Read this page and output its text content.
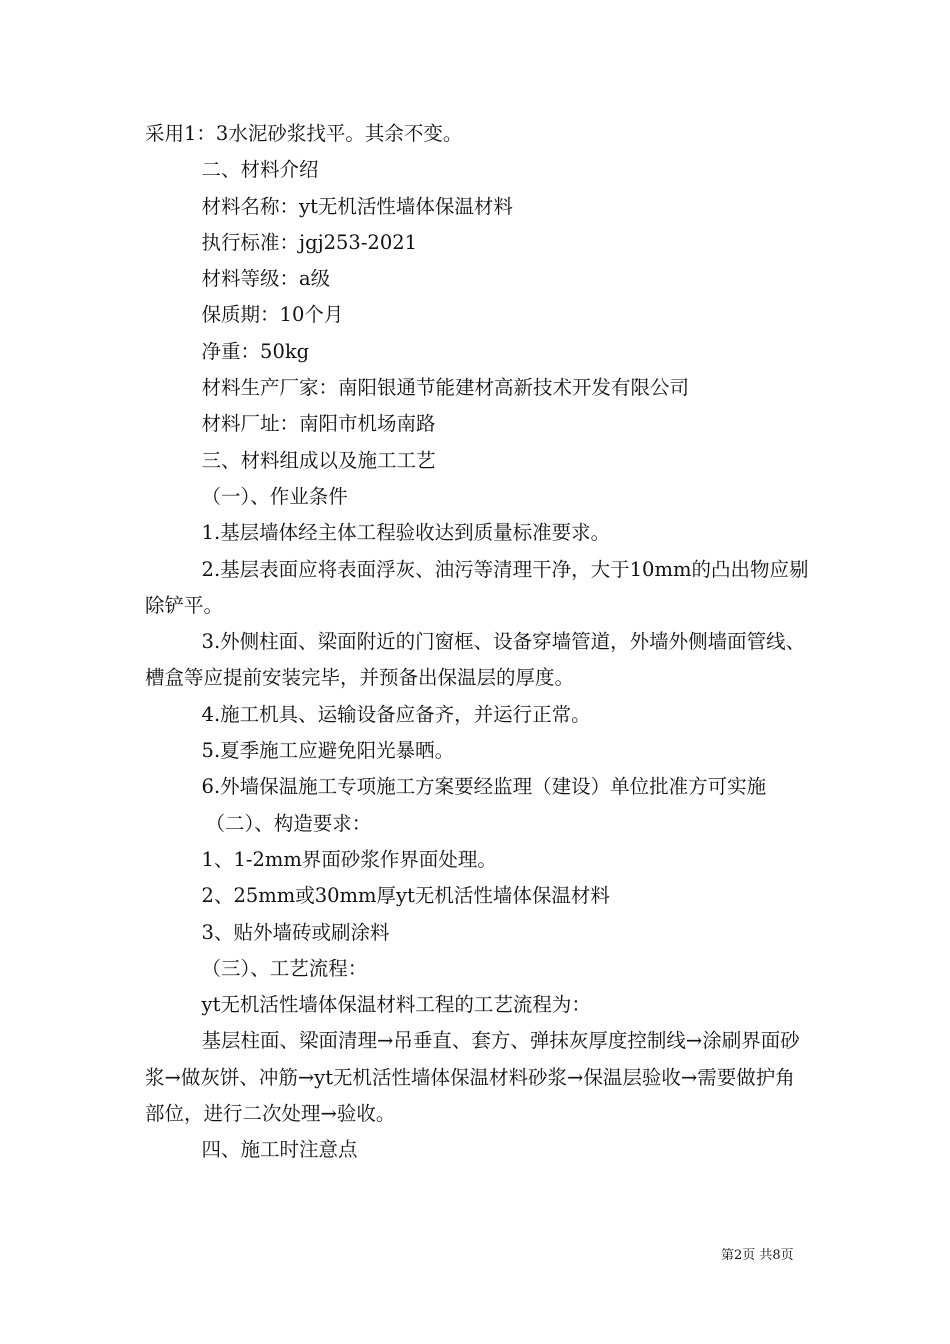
采用1：3水泥砂浆找平。其余不变。

二、材料介绍

材料名称：yt无机活性墙体保温材料

执行标准：jgj253-2021

材料等级：a级

保质期：10个月

净重：50kg

材料生产厂家：南阳银通节能建材高新技术开发有限公司

材料厂址：南阳市机场南路

三、材料组成以及施工工艺

（一）、作业条件

1.基层墙体经主体工程验收达到质量标准要求。

2.基层表面应将表面浮灰、油污等清理干净，大于10mm的凸出物应剔除铲平。

3.外侧柱面、梁面附近的门窗框、设备穿墙管道，外墙外侧墙面管线、槽盒等应提前安装完毕，并预备出保温层的厚度。

4.施工机具、运输设备应备齐，并运行正常。

5.夏季施工应避免阳光暴晒。

6.外墙保温施工专项施工方案要经监理（建设）单位批准方可实施

（二）、构造要求：

1、1-2mm界面砂浆作界面处理。

2、25mm或30mm厚yt无机活性墙体保温材料

3、贴外墙砖或刷涂料

（三）、工艺流程：

yt无机活性墙体保温材料工程的工艺流程为：

基层柱面、梁面清理→吊垂直、套方、弹抹灰厚度控制线→涂刷界面砂浆→做灰饼、冲筋→yt无机活性墙体保温材料砂浆→保温层验收→需要做护角部位，进行二次处理→验收。

四、施工时注意点

第2页 共8页
